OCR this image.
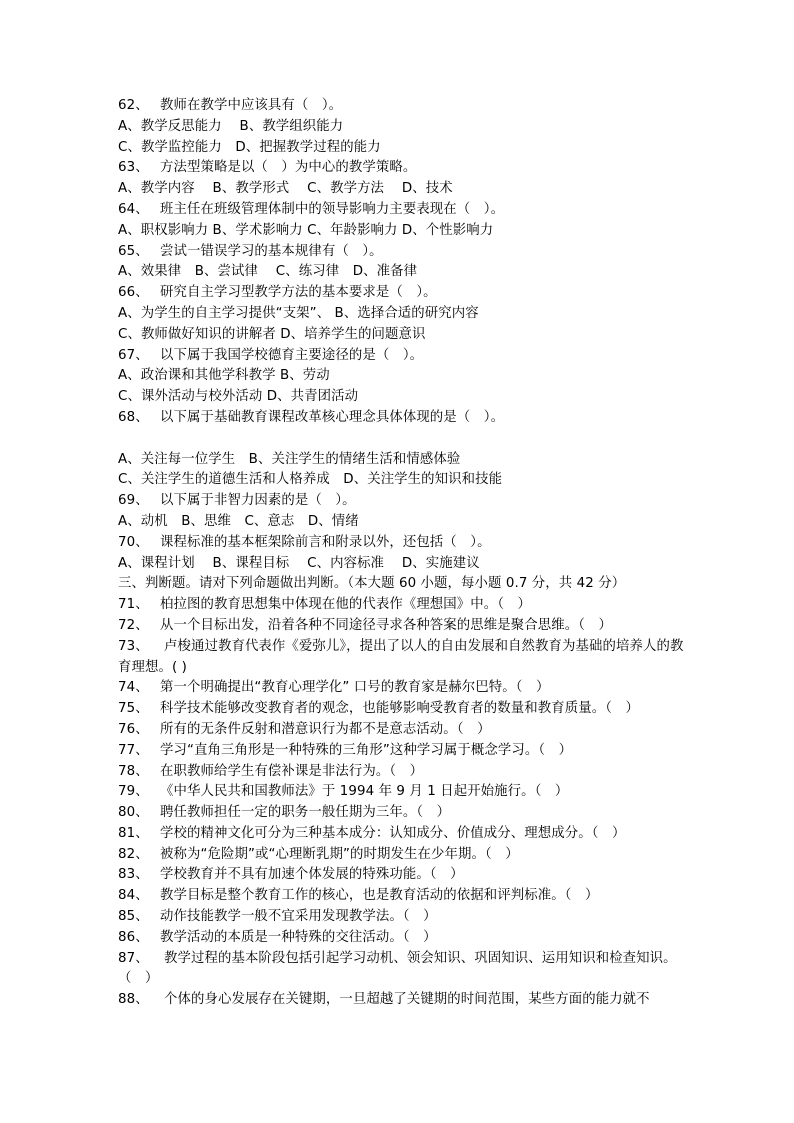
62、 教师在教学中应该具有（　）。
A、教学反思能力　 B、教学组织能力
C、教学监控能力　D、把握教学过程的能力
63、 方法型策略是以（　）为中心的教学策略。
A、教学内容　 B、教学形式　 C、教学方法　 D、技术
64、 班主任在班级管理体制中的领导影响力主要表现在（　）。
A、职权影响力 B、学术影响力 C、年龄影响力 D、个性影响力
65、 尝试一错误学习的基本规律有（　）。
A、效果律　B、尝试律　 C、练习律　D、准备律
66、 研究自主学习型教学方法的基本要求是（　）。
A、为学生的自主学习提供“支架”、 B、选择合适的研究内容
C、教师做好知识的讲解者 D、培养学生的问题意识
67、 以下属于我国学校德育主要途径的是（　）。
A、政治课和其他学科教学 B、劳动
C、课外活动与校外活动 D、共青团活动
68、 以下属于基础教育课程改革核心理念具体体现的是（　）。
A、关注每一位学生　B、关注学生的情绪生活和情感体验
C、关注学生的道德生活和人格养成　D、关注学生的知识和技能
69、 以下属于非智力因素的是（　）。
A、动机　B、思维　C、意志　D、情绪
70、 课程标准的基本框架除前言和附录以外，还包括（　）。
A、课程计划　 B、课程目标　 C、内容标准　 D、实施建议
三、判断题。请对下列命题做出判断。（本大题 60 小题，每小题 0.7 分，共 42 分）
71、 柏拉图的教育思想集中体现在他的代表作《理想国》中。（　）
72、 从一个目标出发，沿着各种不同途径寻求各种答案的思维是聚合思维。（　）
73、 卢梭通过教育代表作《爱弥儿》，提出了以人的自由发展和自然教育为基础的培养人的教育理想。( )
74、 第一个明确提出“教育心理学化” 口号的教育家是赫尔巴特。（　）
75、 科学技术能够改变教育者的观念，也能够影响受教育者的数量和教育质量。（　）
76、 所有的无条件反射和潜意识行为都不是意志活动。（　）
77、 学习“直角三角形是一种特殊的三角形”这种学习属于概念学习。（　）
78、 在职教师给学生有偿补课是非法行为。（　）
79、 《中华人民共和国教师法》于 1994 年 9 月 1 日起开始施行。（　）
80、 聘任教师担任一定的职务一般任期为三年。（　）
81、 学校的精神文化可分为三种基本成分：认知成分、价值成分、理想成分。（　）
82、 被称为“危险期”或“心理断乳期”的时期发生在少年期。（　）
83、 学校教育并不具有加速个体发展的特殊功能。（　）
84、 教学目标是整个教育工作的核心，也是教育活动的依据和评判标准。（　）
85、 动作技能教学一般不宜采用发现教学法。（　）
86、 教学活动的本质是一种特殊的交往活动。（　）
87、 教学过程的基本阶段包括引起学习动机、领会知识、巩固知识、运用知识和检查知识。（　）
88、 个体的身心发展存在关键期，一旦超越了关键期的时间范围，某些方面的能力就不
